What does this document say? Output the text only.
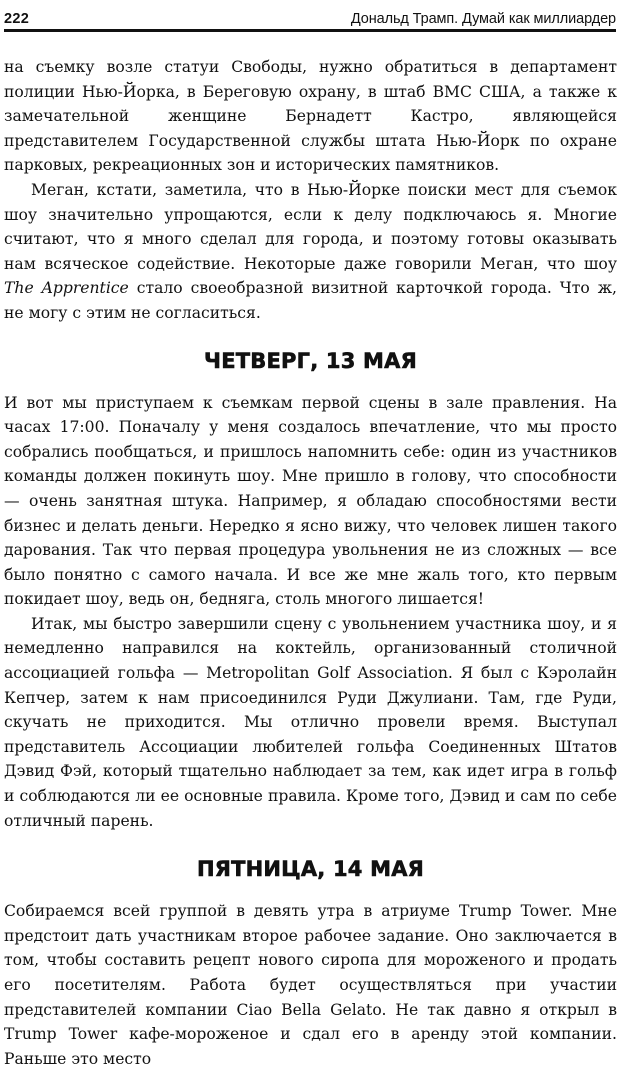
222	Дональд Трамп. Думай как миллиардер

на съемку возле статуи Свободы, нужно обратиться в департамент полиции Нью-Йорка, в Береговую охрану, в штаб ВМС США, а также к замечательной женщине Бернадетт Кастро, являющейся представителем Государственной службы штата Нью-Йорк по охране парковых, рекреационных зон и исторических памятников.

Меган, кстати, заметила, что в Нью-Йорке поиски мест для съемок шоу значительно упрощаются, если к делу подключаюсь я. Многие считают, что я много сделал для города, и поэтому готовы оказывать нам всяческое содействие. Некоторые даже говорили Меган, что шоу The Apprentice стало своеобразной визитной карточкой города. Что ж, не могу с этим не согласиться.

ЧЕТВЕРГ, 13 МАЯ

И вот мы приступаем к съемкам первой сцены в зале правления. На часах 17:00. Поначалу у меня создалось впечатление, что мы просто собрались пообщаться, и пришлось напомнить себе: один из участников команды должен покинуть шоу. Мне пришло в голову, что способности — очень занятная штука. Например, я обладаю способностями вести бизнес и делать деньги. Нередко я ясно вижу, что человек лишен такого дарования. Так что первая процедура увольнения не из сложных — все было понятно с самого начала. И все же мне жаль того, кто первым покидает шоу, ведь он, бедняга, столь многого лишается!

Итак, мы быстро завершили сцену с увольнением участника шоу, и я немедленно направился на коктейль, организованный столичной ассоциацией гольфа — Metropolitan Golf Association. Я был с Кэролайн Кепчер, затем к нам присоединился Руди Джулиани. Там, где Руди, скучать не приходится. Мы отлично провели время. Выступал представитель Ассоциации любителей гольфа Соединенных Штатов Дэвид Фэй, который тщательно наблюдает за тем, как идет игра в гольф и соблюдаются ли ее основные правила. Кроме того, Дэвид и сам по себе отличный парень.

ПЯТНИЦА, 14 МАЯ

Собираемся всей группой в девять утра в атриуме Trump Tower. Мне предстоит дать участникам второе рабочее задание. Оно заключается в том, чтобы составить рецепт нового сиропа для мороженого и продать его посетителям. Работа будет осуществляться при участии представителей компании Ciao Bella Gelato. Не так давно я открыл в Trump Tower кафе-мороженое и сдал его в аренду этой компании. Раньше это место
